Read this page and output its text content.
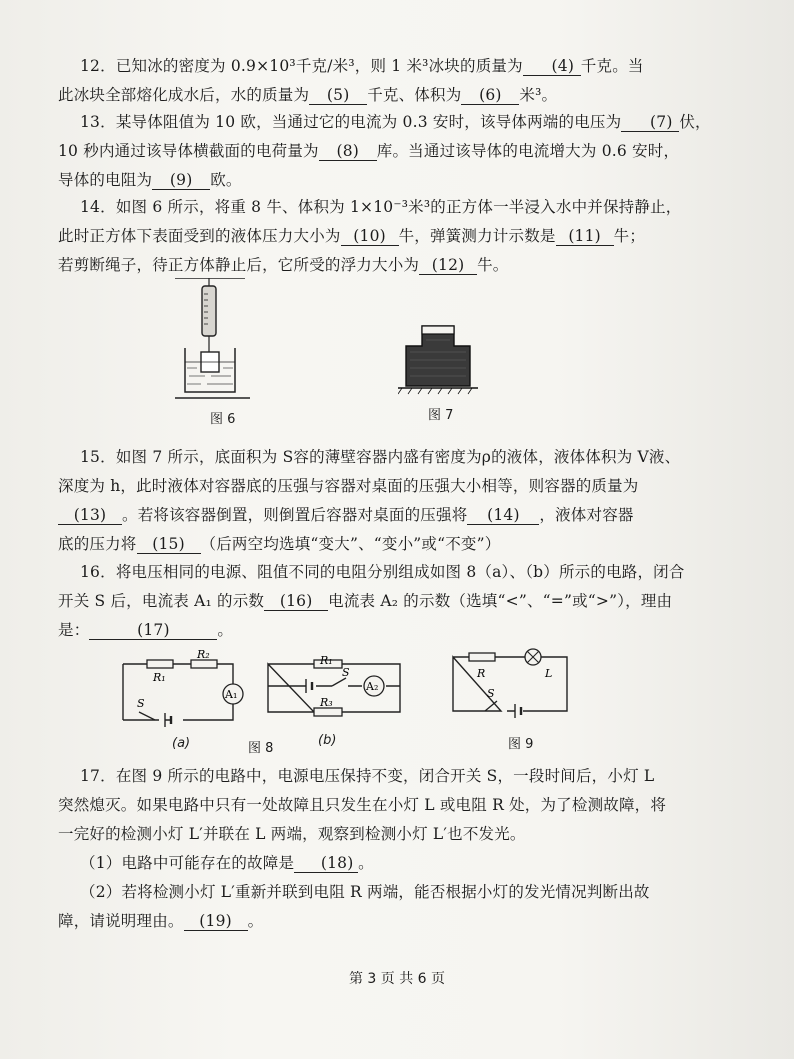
12．已知冰的密度为 0.9×10³千克/米³，则 1 米³冰块的质量为 (4) 千克。当

此冰块全部熔化成水后，水的质量为 (5) 千克、体积为 (6) 米³。

13．某导体阻值为 10 欧，当通过它的电流为 0.3 安时，该导体两端的电压为 (7) 伏，

10 秒内通过该导体横截面的电荷量为 (8) 库。当通过该导体的电流增大为 0.6 安时，

导体的电阻为 (9) 欧。

14．如图 6 所示，将重 8 牛、体积为 1×10⁻³米³的正方体一半浸入水中并保持静止，

此时正方体下表面受到的液体压力大小为 (10) 牛，弹簧测力计示数是 (11) 牛；

若剪断绳子，待正方体静止后，它所受的浮力大小为 (12) 牛。

图 6	图 7

15．如图 7 所示，底面积为 S容的薄壁容器内盛有密度为ρ的液体，液体体积为 V液、

深度为 h，此时液体对容器底的压强与容器对桌面的压强大小相等，则容器的质量为

(13) 。若将该容器倒置，则倒置后容器对桌面的压强将 (14) ，液体对容器

底的压力将 (15) （后两空均选填“变大”、“变小”或“不变”）

16．将电压相同的电源、阻值不同的电阻分别组成如图 8（a）、（b）所示的电路，闭合

开关 S 后，电流表 A₁ 的示数 (16) 电流表 A₂ 的示数（选填“<”、“=”或“>”），理由

是：	(17)	。

R₁
R₂
A₁
S
(a)
R₁
R₃
A₂
S
(b)
图 8
R	L
S
图 9

17．在图 9 所示的电路中，电源电压保持不变，闭合开关 S，一段时间后，小灯 L

突然熄灭。如果电路中只有一处故障且只发生在小灯 L 或电阻 R 处，为了检测故障，将

一完好的检测小灯 L′并联在 L 两端，观察到检测小灯 L′也不发光。

（1）电路中可能存在的故障是 (18) 。

（2）若将检测小灯 L′重新并联到电阻 R 两端，能否根据小灯的发光情况判断出故

障，请说明理由。 (19) 。

第 3 页 共 6 页
